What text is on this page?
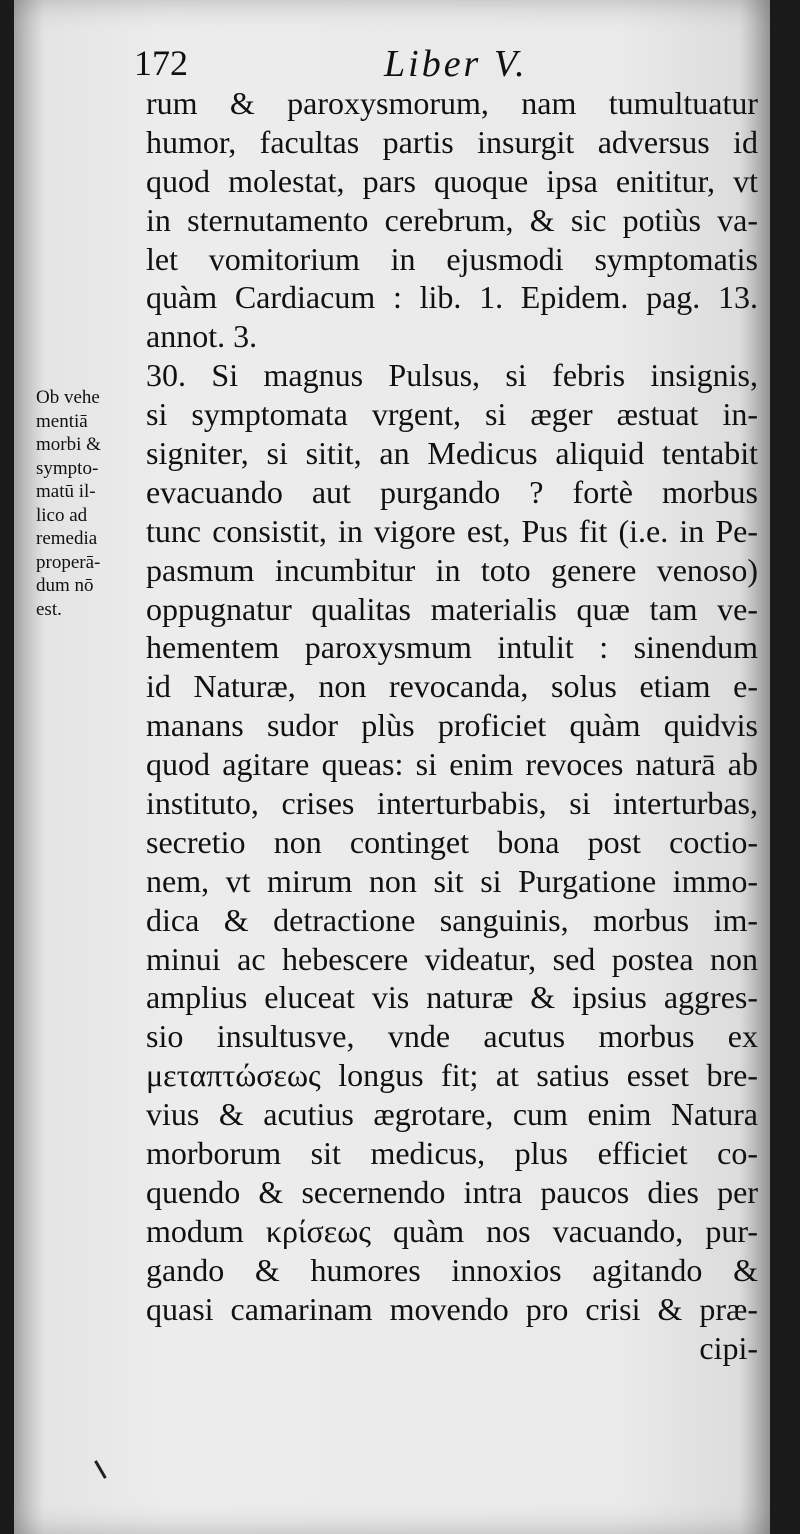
172	Liber V.
Ob vehe
mentiā
morbi &
sympto-
matū il-
lico ad
remedia
properā-
dum nō
est.
rum & paroxysmorum, nam tumultuatur
humor, facultas partis insurgit adversus id
quod molestat, pars quoque ipsa enititur, vt
in sternutamento cerebrum, & sic potiùs va-
let vomitorium in ejusmodi symptomatis
quàm Cardiacum : lib. 1. Epidem. pag. 13.
annot. 3.
30. Si magnus Pulsus, si febris insignis,
si symptomata vrgent, si æger æstuat in-
signiter, si sitit, an Medicus aliquid tentabit
evacuando aut purgando ? fortè morbus
tunc consistit, in vigore est, Pus fit (i.e. in Pe-
pasmum incumbitur in toto genere venoso)
oppugnatur qualitas materialis quæ tam ve-
hementem paroxysmum intulit : sinendum
id Naturæ, non revocanda, solus etiam e-
manans sudor plùs proficiet quàm quidvis
quod agitare queas: si enim revoces naturā ab
instituto, crises interturbabis, si interturbas,
secretio non continget bona post coctio-
nem, vt mirum non sit si Purgatione immo-
dica & detractione sanguinis, morbus im-
minui ac hebescere videatur, sed postea non
amplius eluceat vis naturæ & ipsius aggres-
sio insultusve, vnde acutus morbus ex
μεταπτώσεως longus fit; at satius esset bre-
vius & acutius ægrotare, cum enim Natura
morborum sit medicus, plus efficiet co-
quendo & secernendo intra paucos dies per
modum κρίσεως quàm nos vacuando, pur-
gando & humores innoxios agitando &
quasi camarinam movendo pro crisi & præ-
cipi-
